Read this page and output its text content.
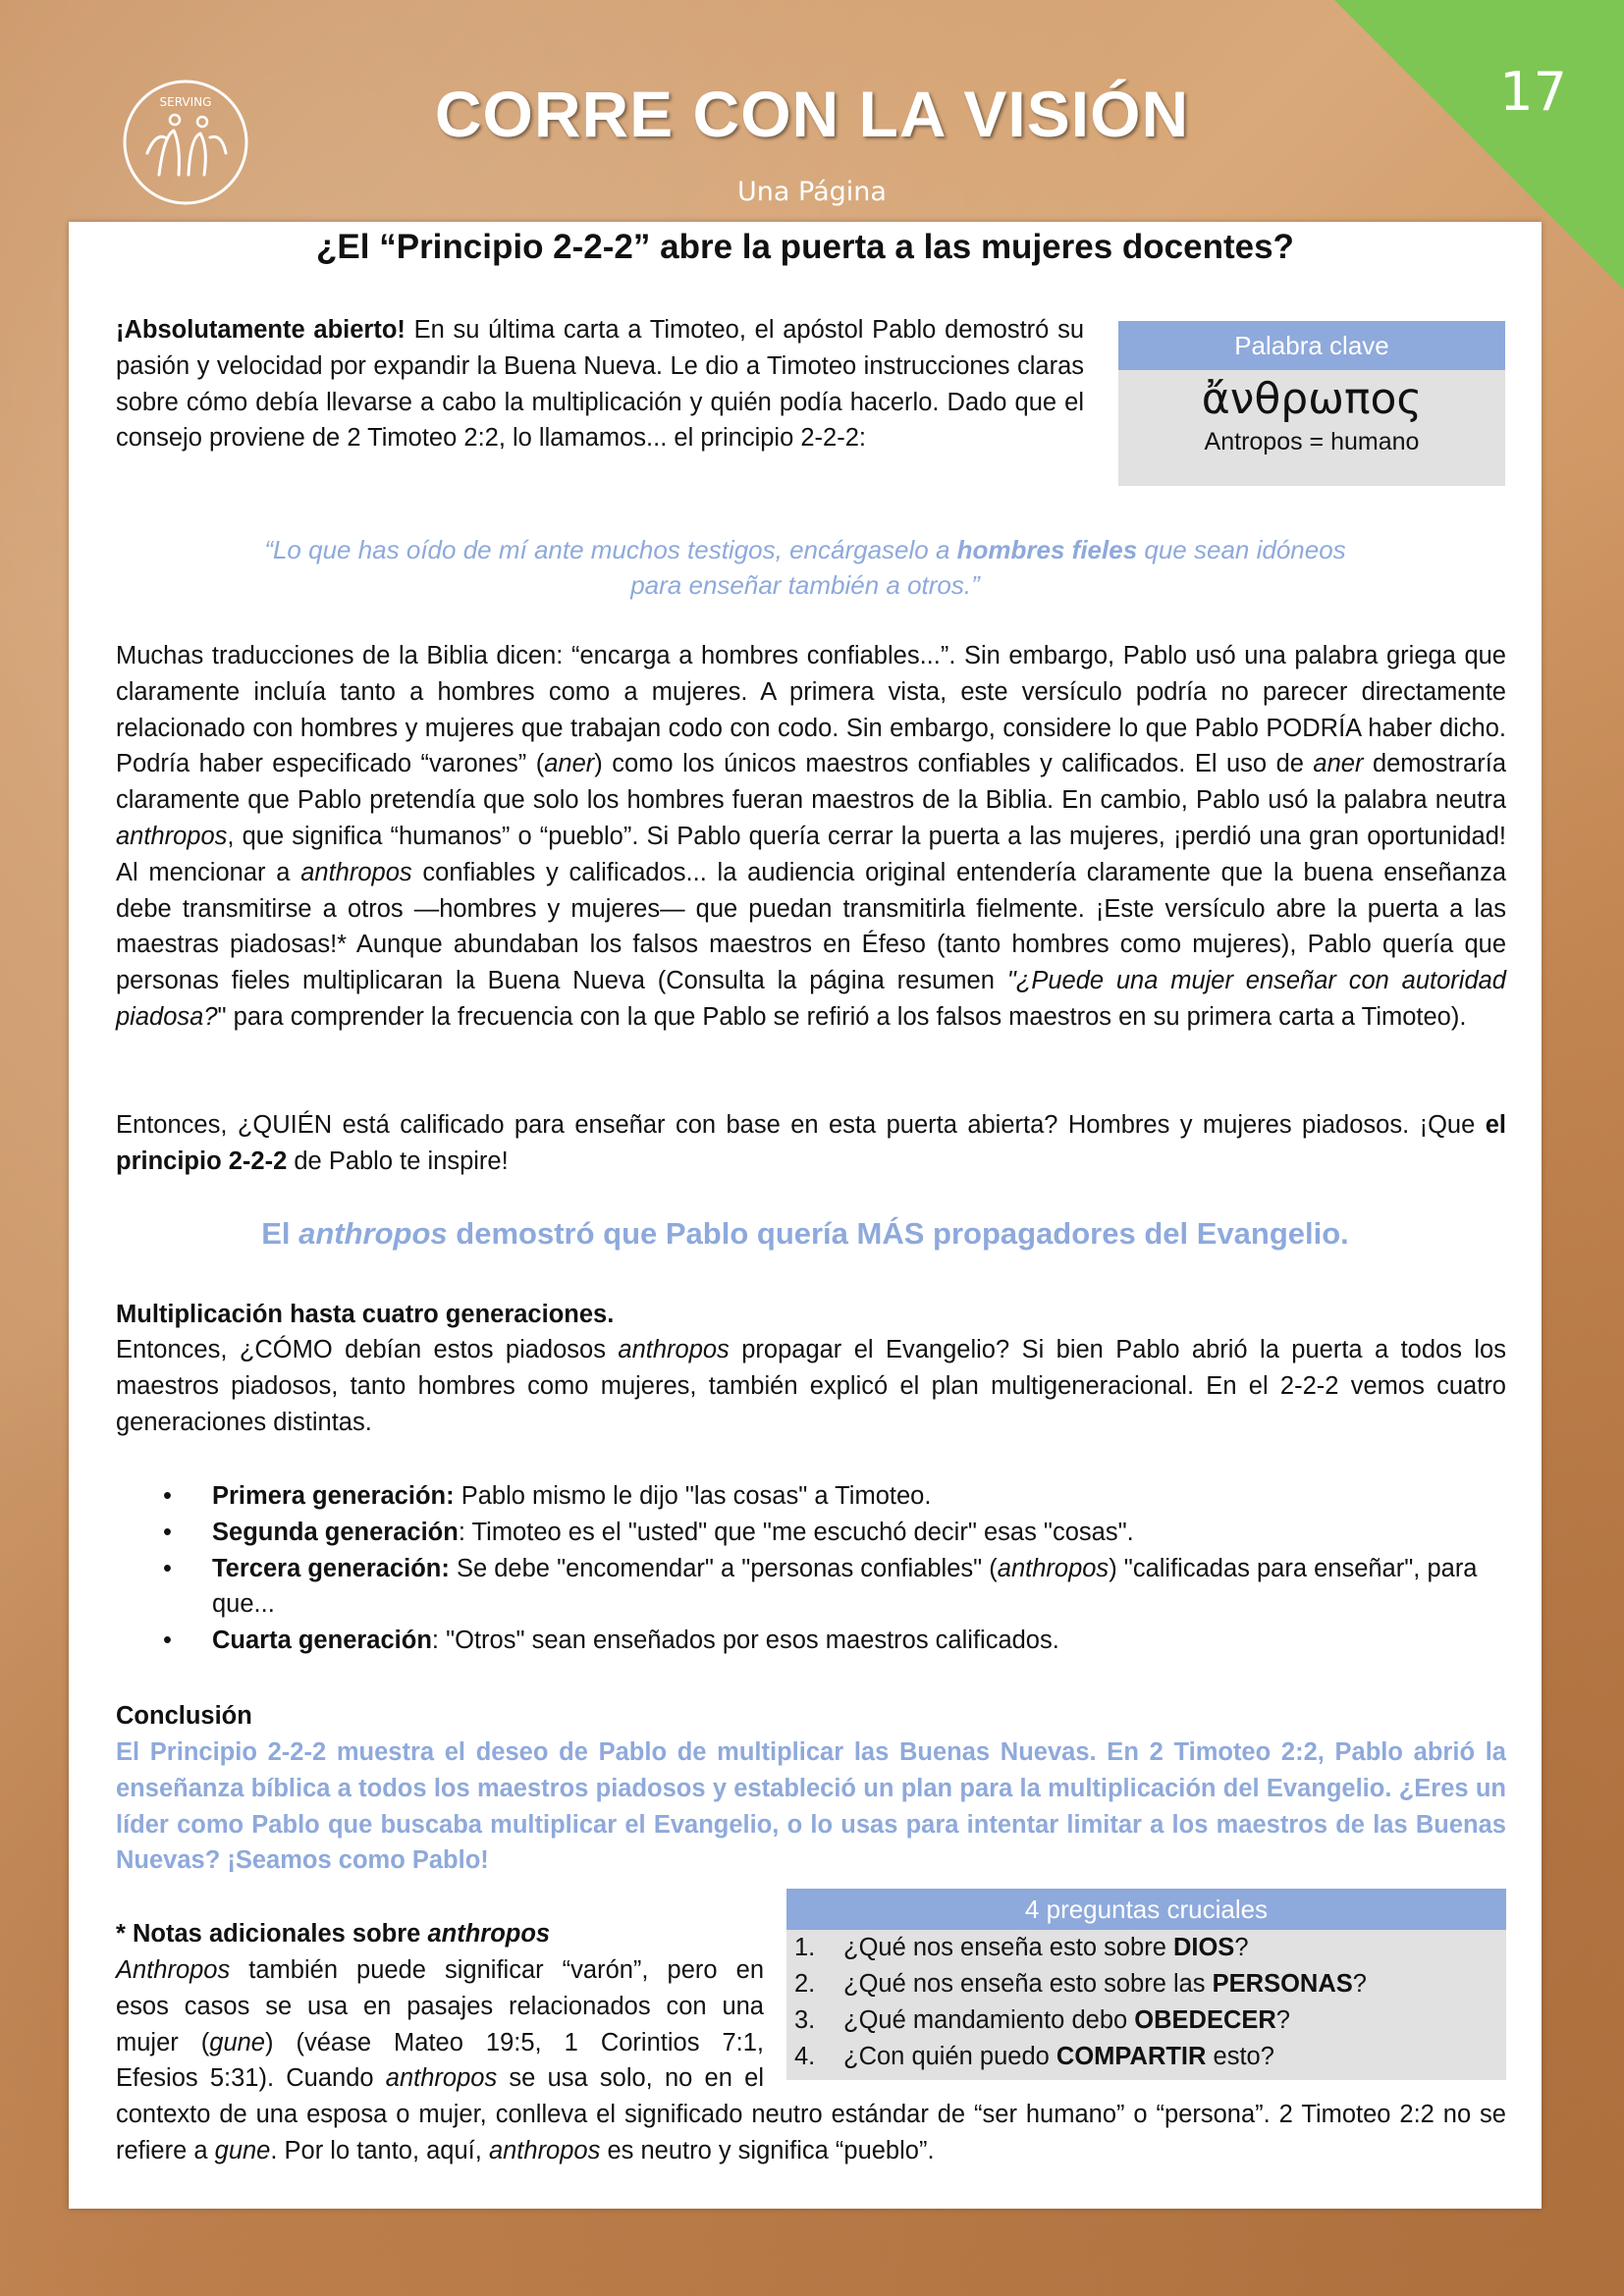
17
SERVING	CORRE CON LA VISIÓN
Una Página
¿El “Principio 2-2-2” abre la puerta a las mujeres docentes?
¡Absolutamente abierto! En su última carta a Timoteo, el apóstol Pablo demostró su pasión y velocidad por expandir la Buena Nueva. Le dio a Timoteo instrucciones claras sobre cómo debía llevarse a cabo la multiplicación y quién podía hacerlo. Dado que el consejo proviene de 2 Timoteo 2:2, lo llamamos... el principio 2-2-2:
Palabra clave
ἄνθρωπος
Antropos = humano
“Lo que has oído de mí ante muchos testigos, encárgaselo a hombres fieles que sean idóneos
para enseñar también a otros.”
Muchas traducciones de la Biblia dicen: “encarga a hombres confiables...”. Sin embargo, Pablo usó una palabra griega que claramente incluía tanto a hombres como a mujeres. A primera vista, este versículo podría no parecer directamente relacionado con hombres y mujeres que trabajan codo con codo. Sin embargo, considere lo que Pablo PODRÍA haber dicho. Podría haber especificado “varones” (aner) como los únicos maestros confiables y calificados. El uso de aner demostraría claramente que Pablo pretendía que solo los hombres fueran maestros de la Biblia. En cambio, Pablo usó la palabra neutra anthropos, que significa “humanos” o “pueblo”. Si Pablo quería cerrar la puerta a las mujeres, ¡perdió una gran oportunidad! Al mencionar a anthropos confiables y calificados... la audiencia original entendería claramente que la buena enseñanza debe transmitirse a otros —hombres y mujeres— que puedan transmitirla fielmente. ¡Este versículo abre la puerta a las maestras piadosas!* Aunque abundaban los falsos maestros en Éfeso (tanto hombres como mujeres), Pablo quería que personas fieles multiplicaran la Buena Nueva (Consulta la página resumen "¿Puede una mujer enseñar con autoridad piadosa?" para comprender la frecuencia con la que Pablo se refirió a los falsos maestros en su primera carta a Timoteo).
Entonces, ¿QUIÉN está calificado para enseñar con base en esta puerta abierta? Hombres y mujeres piadosos. ¡Que el principio 2-2-2 de Pablo te inspire!
El anthropos demostró que Pablo quería MÁS propagadores del Evangelio.
Multiplicación hasta cuatro generaciones.
Entonces, ¿CÓMO debían estos piadosos anthropos propagar el Evangelio? Si bien Pablo abrió la puerta a todos los maestros piadosos, tanto hombres como mujeres, también explicó el plan multigeneracional. En el 2-2-2 vemos cuatro generaciones distintas.
• Primera generación: Pablo mismo le dijo "las cosas" a Timoteo.
• Segunda generación: Timoteo es el "usted" que "me escuchó decir" esas "cosas".
• Tercera generación: Se debe "encomendar" a "personas confiables" (anthropos) "calificadas para enseñar", para que...
• Cuarta generación: "Otros" sean enseñados por esos maestros calificados.
Conclusión
El Principio 2-2-2 muestra el deseo de Pablo de multiplicar las Buenas Nuevas. En 2 Timoteo 2:2, Pablo abrió la enseñanza bíblica a todos los maestros piadosos y estableció un plan para la multiplicación del Evangelio. ¿Eres un líder como Pablo que buscaba multiplicar el Evangelio, o lo usas para intentar limitar a los maestros de las Buenas Nuevas? ¡Seamos como Pablo!
* Notas adicionales sobre anthropos
Anthropos también puede significar “varón”, pero en
esos casos se usa en pasajes relacionados con una
mujer (gune) (véase Mateo 19:5, 1 Corintios 7:1,
Efesios 5:31). Cuando anthropos se usa solo, no en el
contexto de una esposa o mujer, conlleva el significado neutro estándar de “ser humano” o “persona”. 2 Timoteo 2:2 no se refiere a gune. Por lo tanto, aquí, anthropos es neutro y significa “pueblo”.
4 preguntas cruciales
1. ¿Qué nos enseña esto sobre DIOS?
2. ¿Qué nos enseña esto sobre las PERSONAS?
3. ¿Qué mandamiento debo OBEDECER?
4. ¿Con quién puedo COMPARTIR esto?
